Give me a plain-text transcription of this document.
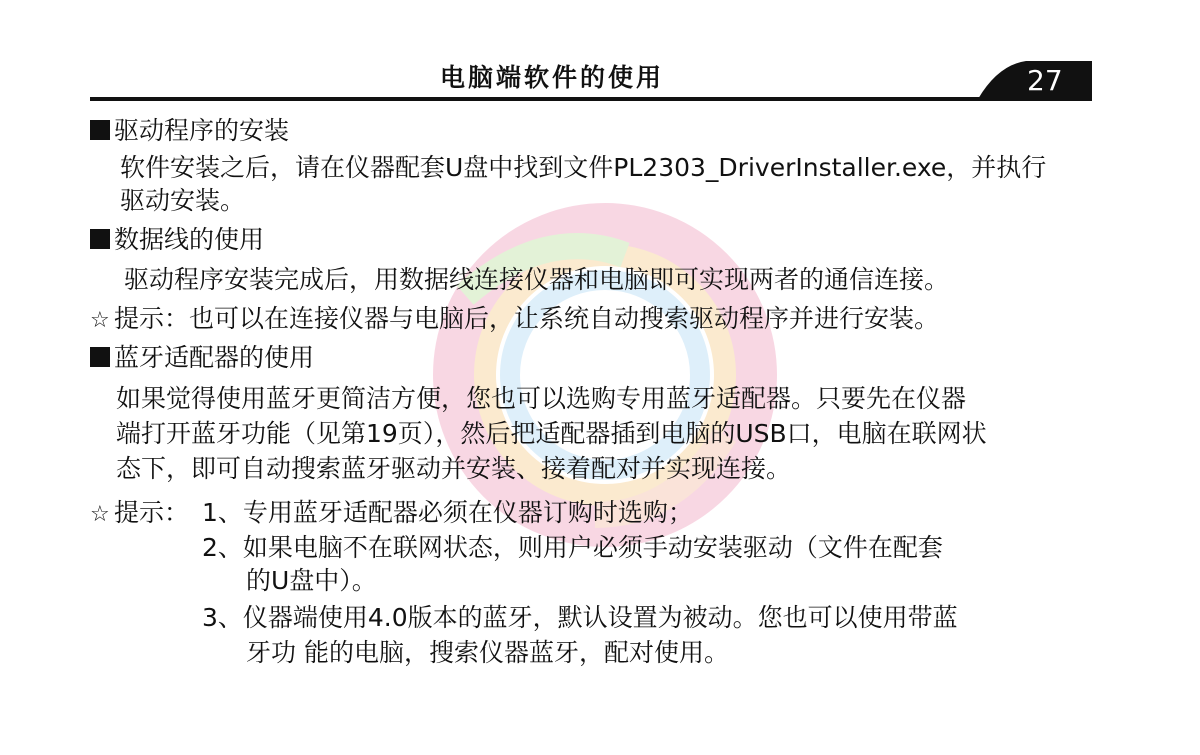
电脑端软件的使用	27
驱动程序的安装
软件安装之后，请在仪器配套U盘中找到文件PL2303_DriverInstaller.exe，并执行
驱动安装。
数据线的使用
驱动程序安装完成后，用数据线连接仪器和电脑即可实现两者的通信连接。
☆ 提示：也可以在连接仪器与电脑后，让系统自动搜索驱动程序并进行安装。
蓝牙适配器的使用
如果觉得使用蓝牙更简洁方便，您也可以选购专用蓝牙适配器。只要先在仪器
端打开蓝牙功能（见第19页），然后把适配器插到电脑的USB口，电脑在联网状
态下，即可自动搜索蓝牙驱动并安装、接着配对并实现连接。
☆ 提示： 1、专用蓝牙适配器必须在仪器订购时选购；
2、如果电脑不在联网状态，则用户必须手动安装驱动（文件在配套
的U盘中）。
3、仪器端使用4.0版本的蓝牙，默认设置为被动。您也可以使用带蓝
牙功 能的电脑，搜索仪器蓝牙，配对使用。
